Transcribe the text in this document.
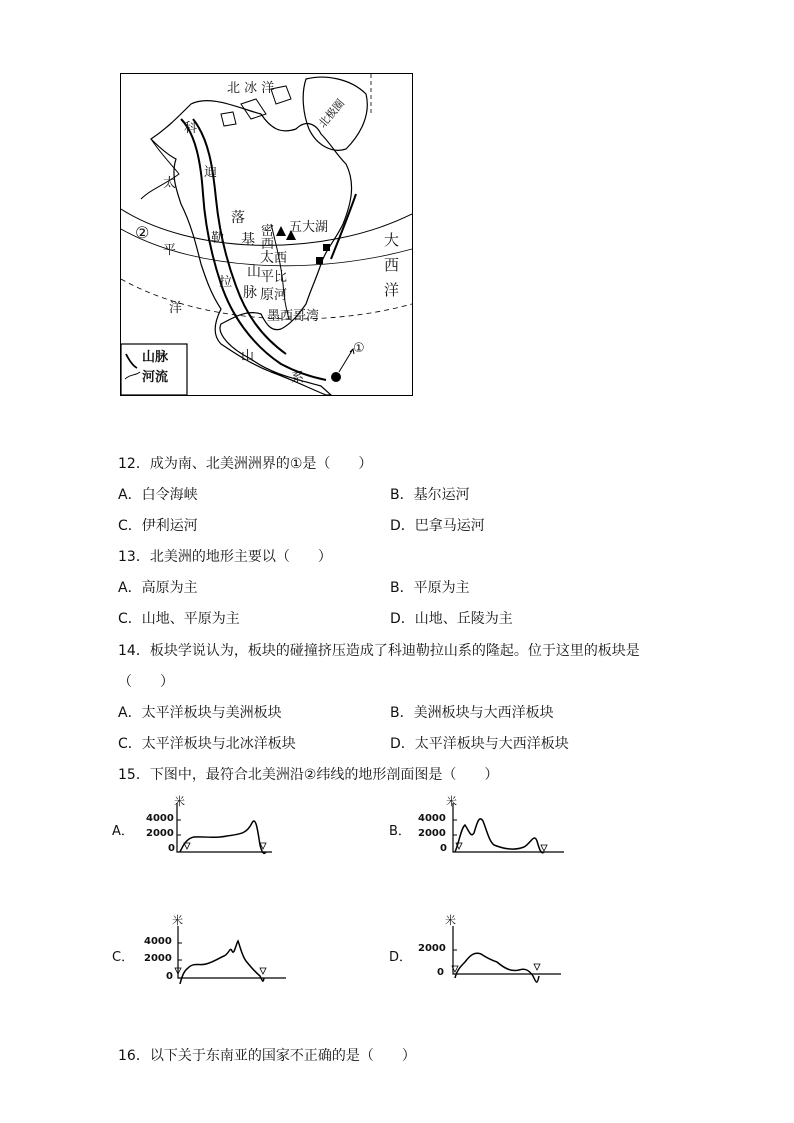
北 冰 洋
太
平
洋
大
西
洋
②
①
科
迪
勒
拉
山
系
落
基
山
脉
密
西
西
比
河
太
平
原
五大湖
墨西哥湾
北极圈
山脉
河流
12．成为南、北美洲洲界的①是（　　）
A．白令海峡	B．基尔运河
C．伊利运河	D．巴拿马运河
13．北美洲的地形主要以（　　）
A．高原为主	B．平原为主
C．山地、平原为主	D．山地、丘陵为主
14．板块学说认为，板块的碰撞挤压造成了科迪勒拉山系的隆起。位于这里的板块是
（　　）
A．太平洋板块与美洲板块	B．美洲板块与大西洋板块
C．太平洋板块与北冰洋板块	D．太平洋板块与大西洋板块
15．下图中，最符合北美洲沿②纬线的地形剖面图是（　　）
A．
米
4000
2000
0
B．
米
4000
2000
0
C．
米
4000
2000
0
D．
米
2000
0
16．以下关于东南亚的国家不正确的是（　　）
